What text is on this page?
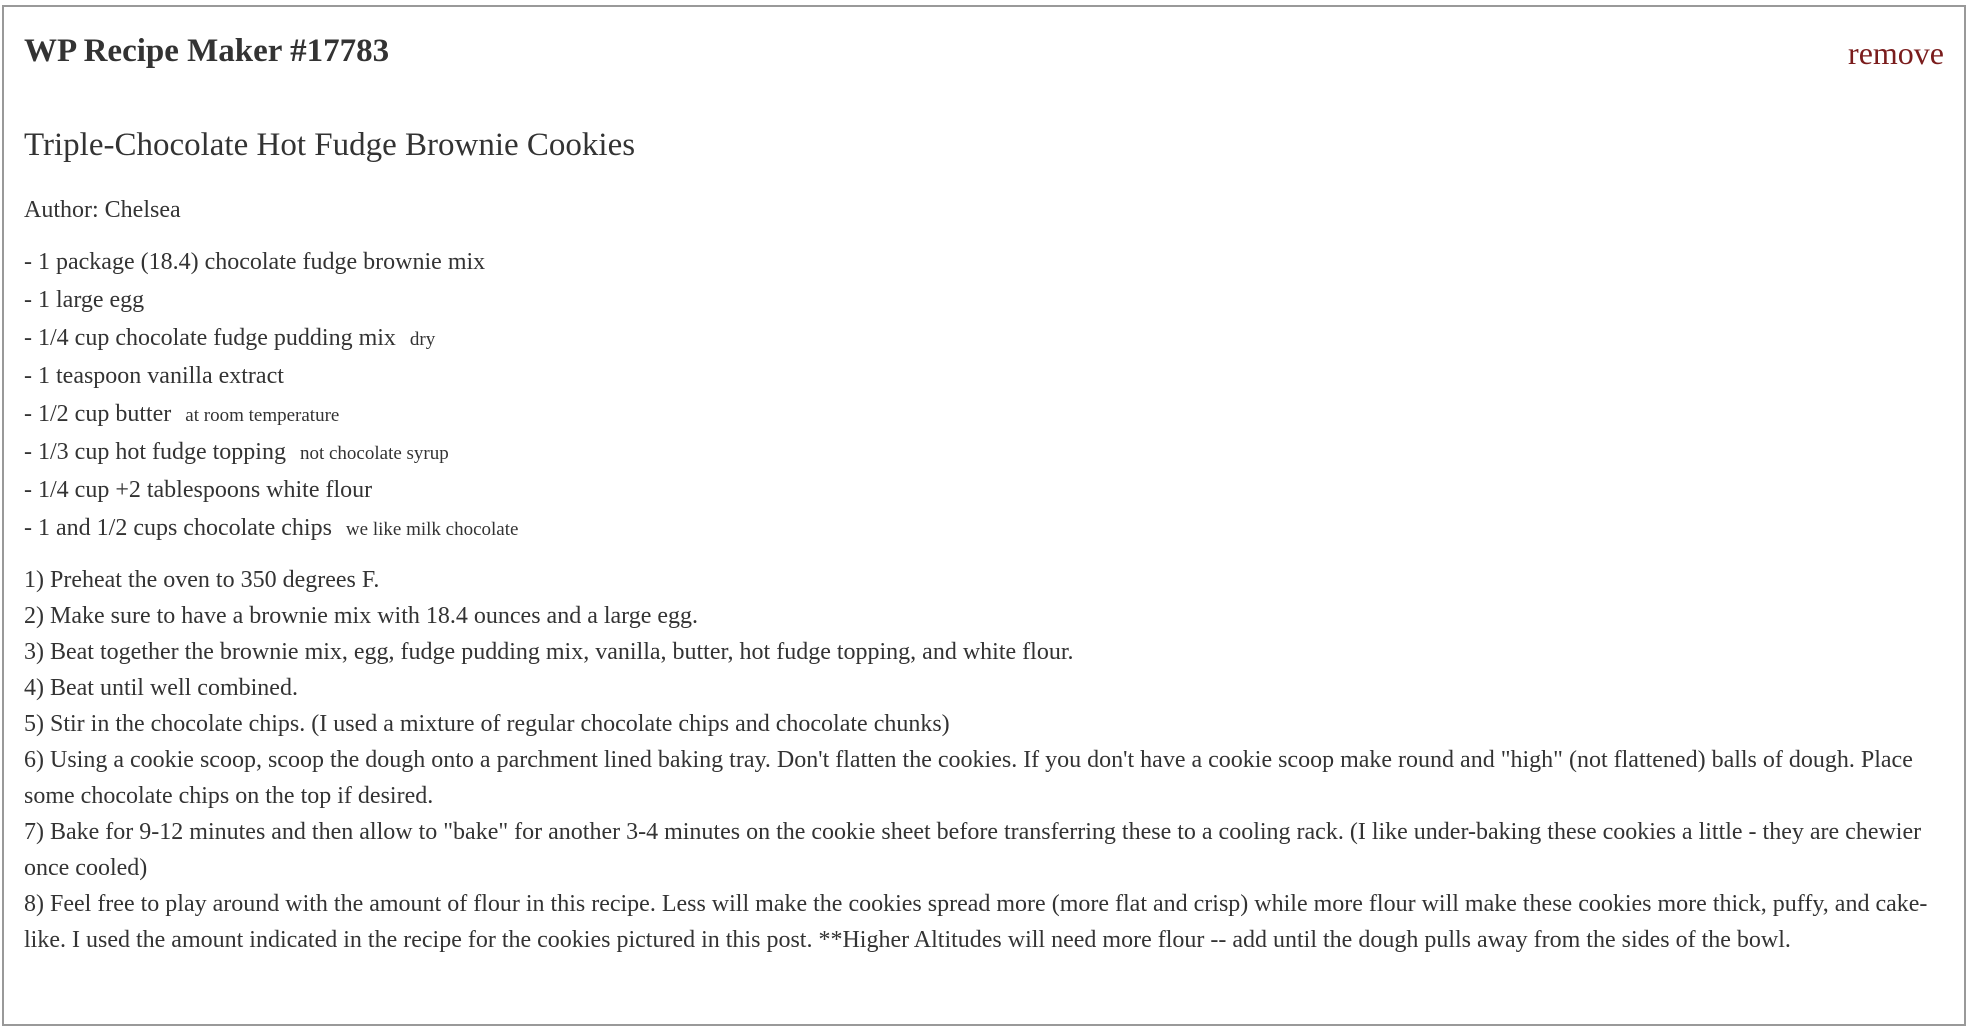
WP Recipe Maker #17783	remove
Triple-Chocolate Hot Fudge Brownie Cookies
Author: Chelsea
- 1 package (18.4) chocolate fudge brownie mix
- 1 large egg
- 1/4 cup chocolate fudge pudding mix dry
- 1 teaspoon vanilla extract
- 1/2 cup butter at room temperature
- 1/3 cup hot fudge topping not chocolate syrup
- 1/4 cup +2 tablespoons white flour
- 1 and 1/2 cups chocolate chips we like milk chocolate
1) Preheat the oven to 350 degrees F.
2) Make sure to have a brownie mix with 18.4 ounces and a large egg.
3) Beat together the brownie mix, egg, fudge pudding mix, vanilla, butter, hot fudge topping, and white flour.
4) Beat until well combined.
5) Stir in the chocolate chips. (I used a mixture of regular chocolate chips and chocolate chunks)
6) Using a cookie scoop, scoop the dough onto a parchment lined baking tray. Don't flatten the cookies. If you don't have a cookie scoop make round and "high" (not flattened) balls of dough. Place some chocolate chips on the top if desired.
7) Bake for 9-12 minutes and then allow to "bake" for another 3-4 minutes on the cookie sheet before transferring these to a cooling rack. (I like under-baking these cookies a little - they are chewier once cooled)
8) Feel free to play around with the amount of flour in this recipe. Less will make the cookies spread more (more flat and crisp) while more flour will make these cookies more thick, puffy, and cake-like. I used the amount indicated in the recipe for the cookies pictured in this post. **Higher Altitudes will need more flour -- add until the dough pulls away from the sides of the bowl.
